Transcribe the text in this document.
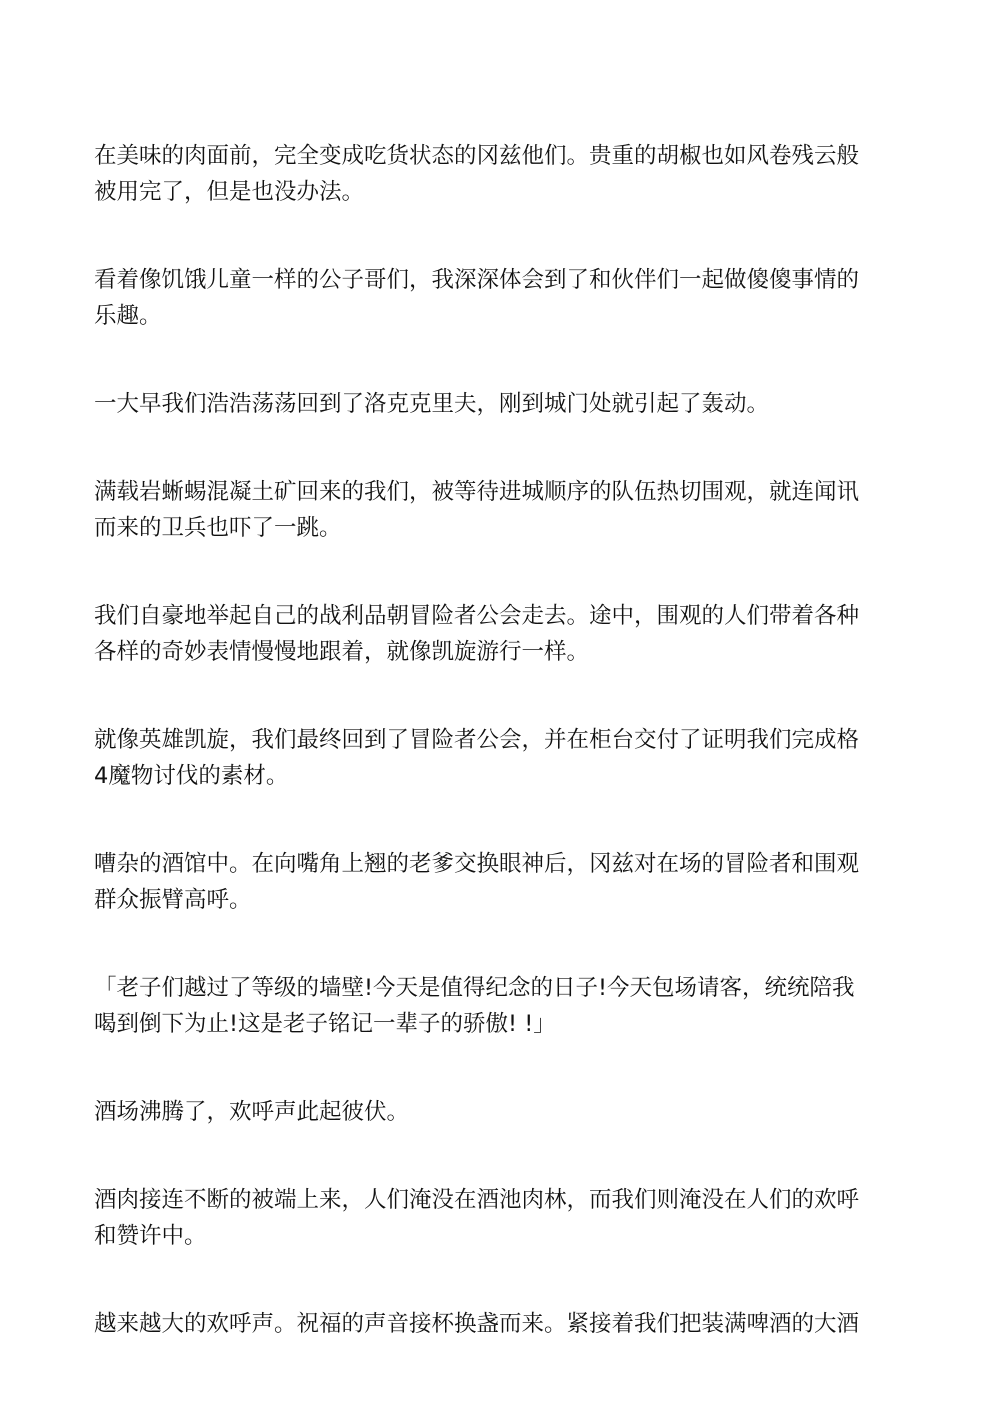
在美味的肉面前，完全变成吃货状态的冈兹他们。贵重的胡椒也如风卷残云般
被用完了，但是也没办法。

看着像饥饿儿童一样的公子哥们，我深深体会到了和伙伴们一起做傻傻事情的
乐趣。

一大早我们浩浩荡荡回到了洛克克里夫，刚到城门处就引起了轰动。

满载岩蜥蜴混凝土矿回来的我们，被等待进城顺序的队伍热切围观，就连闻讯
而来的卫兵也吓了一跳。

我们自豪地举起自己的战利品朝冒险者公会走去。途中，围观的人们带着各种
各样的奇妙表情慢慢地跟着，就像凯旋游行一样。

就像英雄凯旋，我们最终回到了冒险者公会，并在柜台交付了证明我们完成格
4魔物讨伐的素材。

嘈杂的酒馆中。在向嘴角上翘的老爹交换眼神后，冈兹对在场的冒险者和围观
群众振臂高呼。

「老子们越过了等级的墙壁!今天是值得纪念的日子!今天包场请客，统统陪我
喝到倒下为止!这是老子铭记一辈子的骄傲! !」

酒场沸腾了，欢呼声此起彼伏。

酒肉接连不断的被端上来，人们淹没在酒池肉林，而我们则淹没在人们的欢呼
和赞许中。

越来越大的欢呼声。祝福的声音接杯换盏而来。紧接着我们把装满啤酒的大酒
